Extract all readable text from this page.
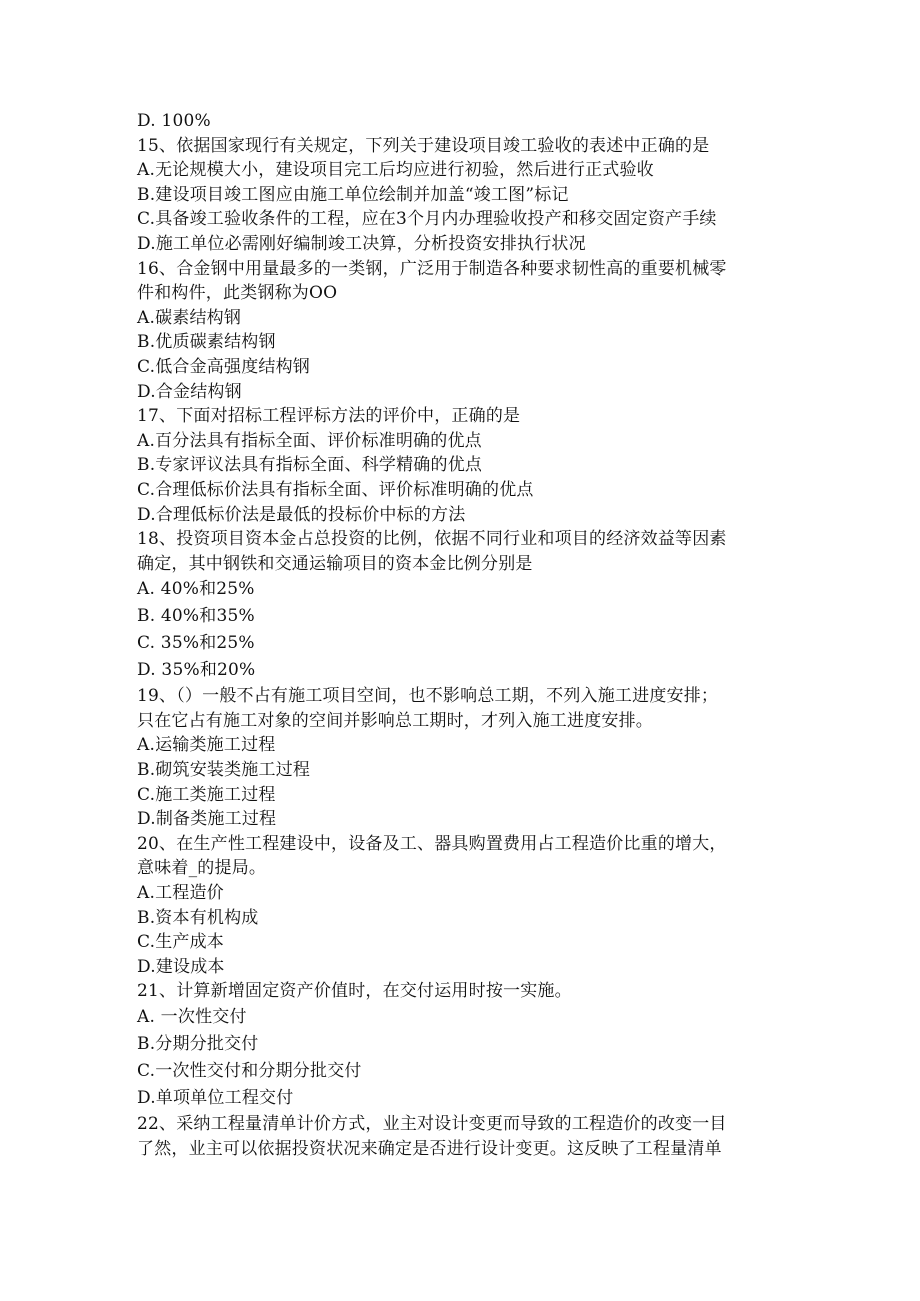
D. 100%
15、依据国家现行有关规定，下列关于建设项目竣工验收的表述中正确的是
A.无论规模大小，建设项目完工后均应进行初验，然后进行正式验收
B.建设项目竣工图应由施工单位绘制并加盖“竣工图”标记
C.具备竣工验收条件的工程，应在3个月内办理验收投产和移交固定资产手续
D.施工单位必需刚好编制竣工决算，分析投资安排执行状况
16、合金钢中用量最多的一类钢，广泛用于制造各种要求韧性高的重要机械零
件和构件，此类钢称为OO
A.碳素结构钢
B.优质碳素结构钢
C.低合金高强度结构钢
D.合金结构钢
17、下面对招标工程评标方法的评价中，正确的是
A.百分法具有指标全面、评价标准明确的优点
B.专家评议法具有指标全面、科学精确的优点
C.合理低标价法具有指标全面、评价标准明确的优点
D.合理低标价法是最低的投标价中标的方法
18、投资项目资本金占总投资的比例，依据不同行业和项目的经济效益等因素
确定，其中钢铁和交通运输项目的资本金比例分别是
A. 40%和25%
B. 40%和35%
C. 35%和25%
D. 35%和20%
19、（）一般不占有施工项目空间，也不影响总工期，不列入施工进度安排；
只在它占有施工对象的空间并影响总工期时，才列入施工进度安排。
A.运输类施工过程
B.砌筑安装类施工过程
C.施工类施工过程
D.制备类施工过程
20、在生产性工程建设中，设备及工、器具购置费用占工程造价比重的增大，
意味着_的提局。
A.工程造价
B.资本有机构成
C.生产成本
D.建设成本
21、计算新增固定资产价值时，在交付运用时按一实施。
A. 一次性交付
B.分期分批交付
C.一次性交付和分期分批交付
D.单项单位工程交付
22、采纳工程量清单计价方式，业主对设计变更而导致的工程造价的改变一目
了然，业主可以依据投资状况来确定是否进行设计变更。这反映了工程量清单
